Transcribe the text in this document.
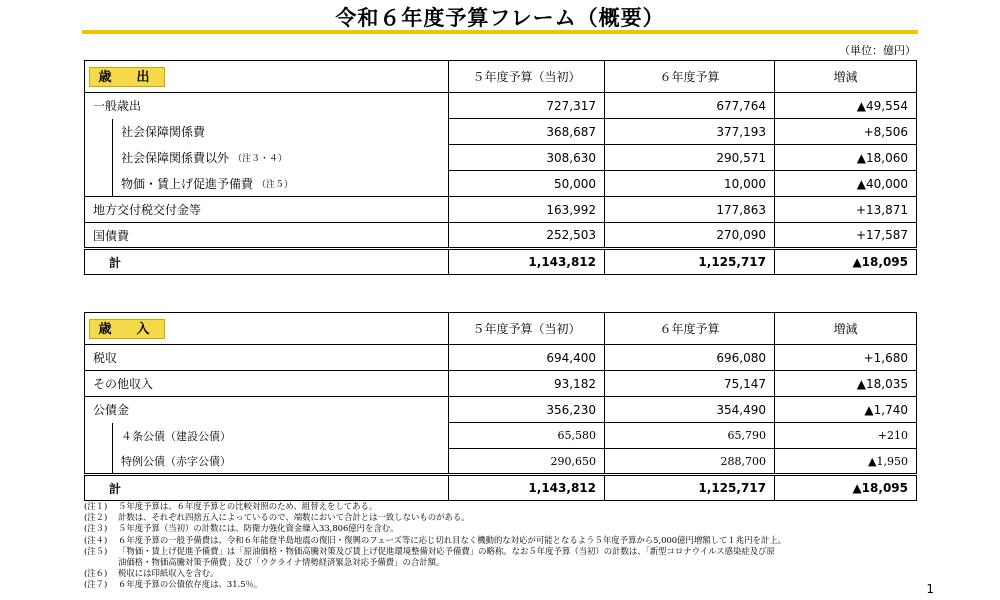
令和６年度予算フレーム（概要）
（単位：億円）
歳　出	５年度予算（当初）	６年度予算	増減
一般歳出	727,317	677,764	▲49,554

社会保障関係費	368,687	377,193	+8,506

社会保障関係費以外 （注３・４）	308,630	290,571	▲18,060

物価・賃上げ促進予備費 （注５）	50,000	10,000	▲40,000
地方交付税交付金等	163,992	177,863	+13,871
国債費	252,503	270,090	+17,587
計	1,143,812	1,125,717	▲18,095
歳　入	５年度予算（当初）	６年度予算	増減
税収	694,400	696,080	+1,680
その他収入	93,182	75,147	▲18,035
公債金	356,230	354,490	▲1,740

４条公債（建設公債）	65,580	65,790	+210

特例公債（赤字公債）	290,650	288,700	▲1,950
計	1,143,812	1,125,717	▲18,095
(注１)	５年度予算は、６年度予算との比較対照のため、組替えをしてある。
(注２)	計数は、それぞれ四捨五入によっているので、端数において合計とは一致しないものがある。
(注３)	５年度予算（当初）の計数には、防衛力強化資金繰入33,806億円を含む。
(注４)	６年度予算の一般予備費は、令和６年能登半島地震の復旧・復興のフェーズ等に応じ切れ目なく機動的な対応が可能となるよう５年度予算から5,000億円増額して１兆円を計上。
(注５)	「物価・賃上げ促進予備費」は「原油価格・物価高騰対策及び賃上げ促進環境整備対応予備費」の略称。なお５年度予算（当初）の計数は、「新型コロナウイルス感染症及び原
油価格・物価高騰対策予備費」及び「ウクライナ情勢経済緊急対応予備費」の合計額。
(注６)	税収には印紙収入を含む。
(注７)	６年度予算の公債依存度は、31.5％。	1
